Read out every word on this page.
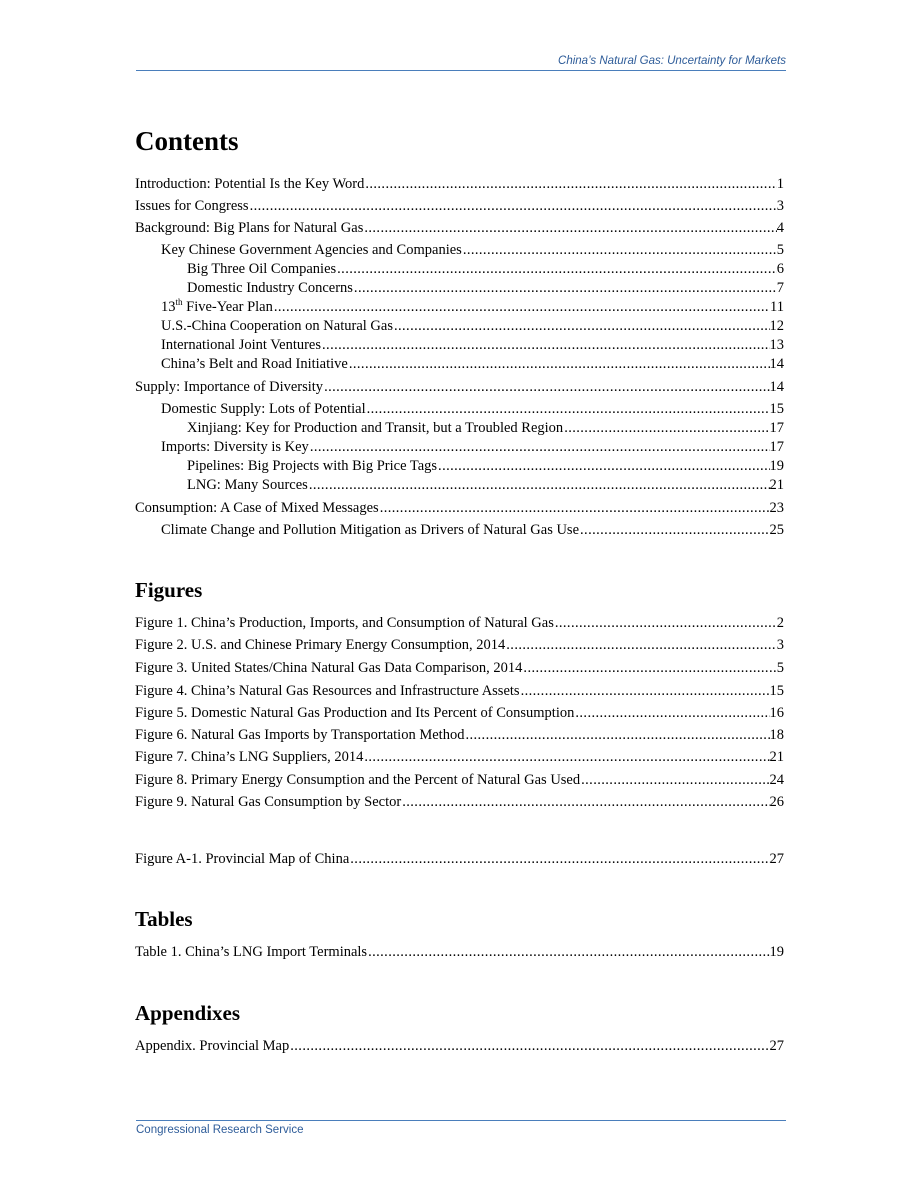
China’s Natural Gas: Uncertainty for Markets
Contents
Introduction: Potential Is the Key Word .....	1
Issues for Congress .....	3
Background: Big Plans for Natural Gas .....	4
Key Chinese Government Agencies and Companies .....	5
Big Three Oil Companies .....	6
Domestic Industry Concerns .....	7
13th Five-Year Plan .....	11
U.S.-China Cooperation on Natural Gas .....	12
International Joint Ventures .....	13
China’s Belt and Road Initiative .....	14
Supply: Importance of Diversity .....	14
Domestic Supply: Lots of Potential .....	15
Xinjiang: Key for Production and Transit, but a Troubled Region .....	17
Imports: Diversity is Key .....	17
Pipelines: Big Projects with Big Price Tags .....	19
LNG: Many Sources .....	21
Consumption: A Case of Mixed Messages .....	23
Climate Change and Pollution Mitigation as Drivers of Natural Gas Use .....	25
Figures
Figure 1. China’s Production, Imports, and Consumption of Natural Gas .....	2
Figure 2. U.S. and Chinese Primary Energy Consumption, 2014 .....	3
Figure 3. United States/China Natural Gas Data Comparison, 2014 .....	5
Figure 4. China’s Natural Gas Resources and Infrastructure Assets .....	15
Figure 5. Domestic Natural Gas Production and Its Percent of Consumption .....	16
Figure 6. Natural Gas Imports by Transportation Method .....	18
Figure 7. China’s LNG Suppliers, 2014 .....	21
Figure 8. Primary Energy Consumption and the Percent of Natural Gas Used .....	24
Figure 9. Natural Gas Consumption by Sector .....	26
Figure A-1. Provincial Map of China .....	27
Tables
Table 1. China’s LNG Import Terminals .....	19
Appendixes
Appendix. Provincial Map .....	27
Congressional Research Service
